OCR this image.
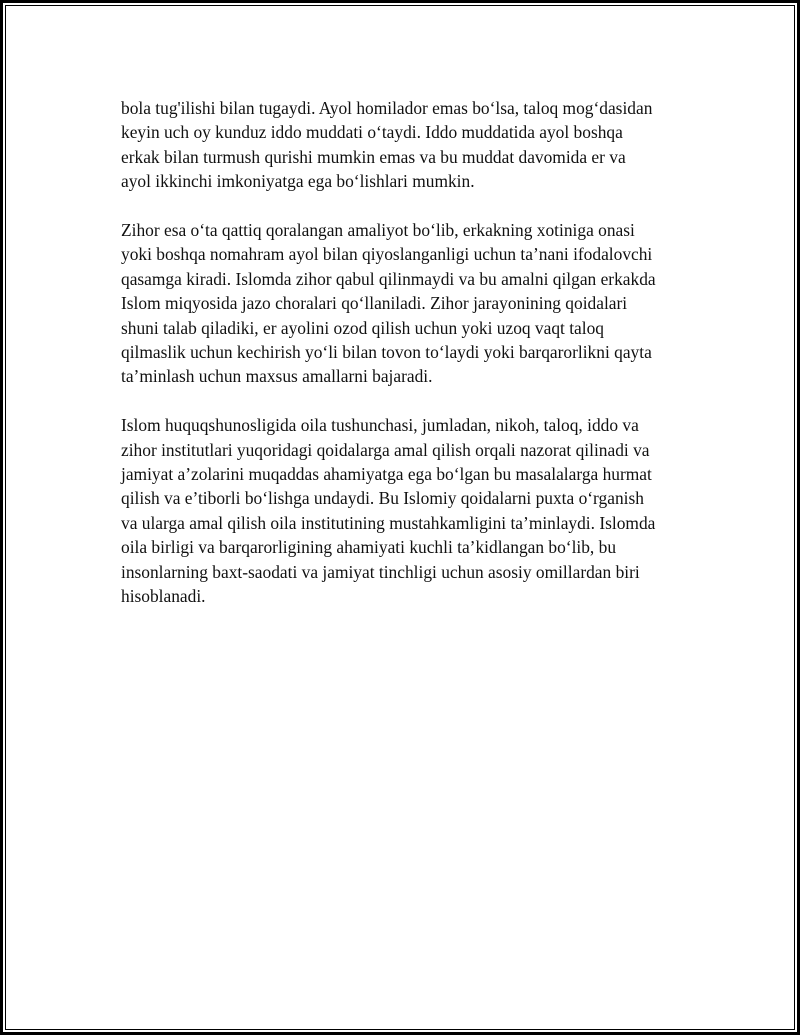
bola tug'ilishi bilan tugaydi. Ayol homilador emas bo‘lsa, taloq mog‘dasidan
keyin uch oy kunduz iddo muddati o‘taydi. Iddo muddatida ayol boshqa
erkak bilan turmush qurishi mumkin emas va bu muddat davomida er va
ayol ikkinchi imkoniyatga ega bo‘lishlari mumkin.

Zihor esa o‘ta qattiq qoralangan amaliyot bo‘lib, erkakning xotiniga onasi
yoki boshqa nomahram ayol bilan qiyoslanganligi uchun ta’nani ifodalovchi
qasamga kiradi. Islomda zihor qabul qilinmaydi va bu amalni qilgan erkakda
Islom miqyosida jazo choralari qo‘llaniladi. Zihor jarayonining qoidalari
shuni talab qiladiki, er ayolini ozod qilish uchun yoki uzoq vaqt taloq
qilmaslik uchun kechirish yo‘li bilan tovon to‘laydi yoki barqarorlikni qayta
ta’minlash uchun maxsus amallarni bajaradi.

Islom huquqshunosligida oila tushunchasi, jumladan, nikoh, taloq, iddo va
zihor institutlari yuqoridagi qoidalarga amal qilish orqali nazorat qilinadi va
jamiyat a’zolarini muqaddas ahamiyatga ega bo‘lgan bu masalalarga hurmat
qilish va e’tiborli bo‘lishga undaydi. Bu Islomiy qoidalarni puxta o‘rganish
va ularga amal qilish oila institutining mustahkamligini ta’minlaydi. Islomda
oila birligi va barqarorligining ahamiyati kuchli ta’kidlangan bo‘lib, bu
insonlarning baxt-saodati va jamiyat tinchligi uchun asosiy omillardan biri
hisoblanadi.
